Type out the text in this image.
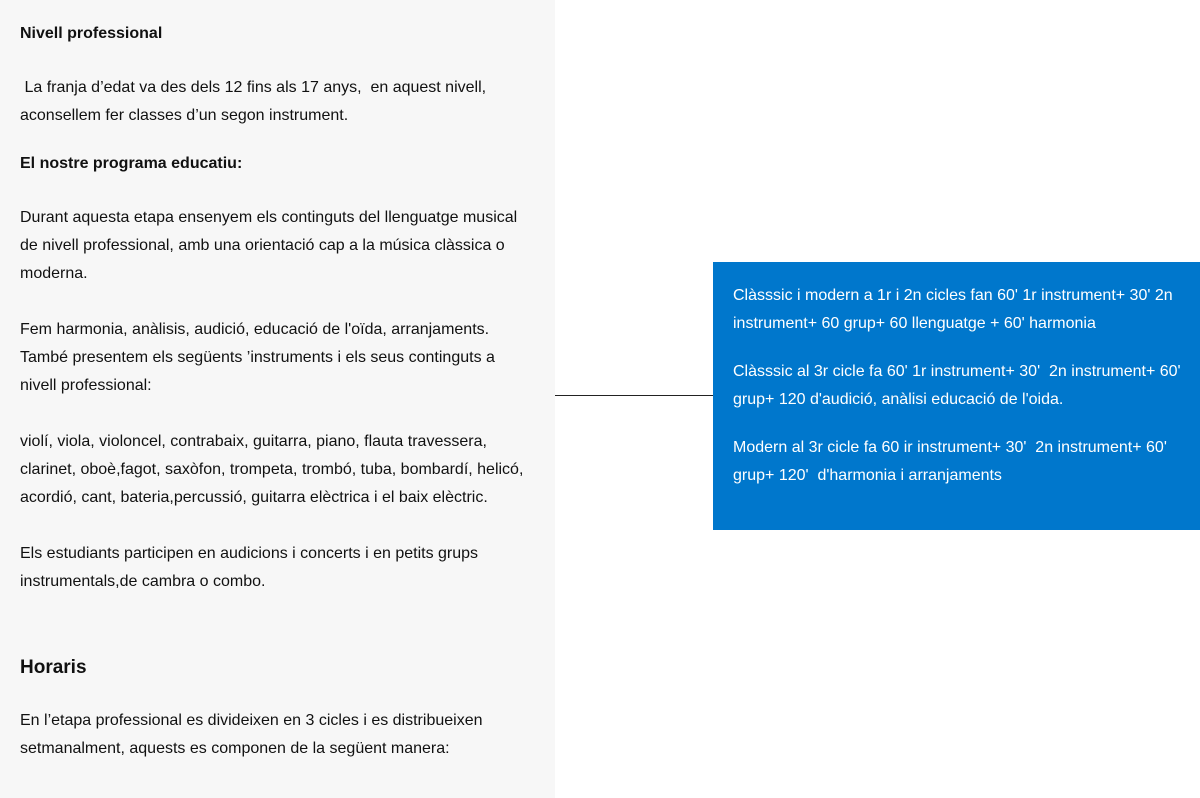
Nivell professional

La franja d’edat va des dels 12 fins als 17 anys,  en aquest nivell, aconsellem fer classes d’un segon instrument.

El nostre programa educatiu:

Durant aquesta etapa ensenyem els continguts del llenguatge musical de nivell professional, amb una orientació cap a la música clàssica o moderna.

Fem harmonia, anàlisis, audició, educació de l'oïda, arranjaments. També presentem els següents ’instruments i els seus continguts a nivell professional:

violí, viola, violoncel, contrabaix, guitarra, piano, flauta travessera, clarinet, oboè,fagot, saxòfon, trompeta, trombó, tuba, bombardí, helicó, acordió, cant, bateria,percussió, guitarra elèctrica i el baix elèctric.

Els estudiants participen en audicions i concerts i en petits grups instrumentals,de cambra o combo.

Horaris

En l’etapa professional es divideixen en 3 cicles i es distribueixen setmanalment, aquests es componen de la següent manera:

Clàsssic i modern a 1r i 2n cicles fan 60' 1r instrument+ 30' 2n instrument+ 60 grup+ 60 llenguatge + 60' harmonia

Clàsssic al 3r cicle fa 60' 1r instrument+ 30'  2n instrument+ 60' grup+ 120 d'audició, anàlisi educació de l'oida.

Modern al 3r cicle fa 60 ir instrument+ 30'  2n instrument+ 60' grup+ 120'  d'harmonia i arranjaments
